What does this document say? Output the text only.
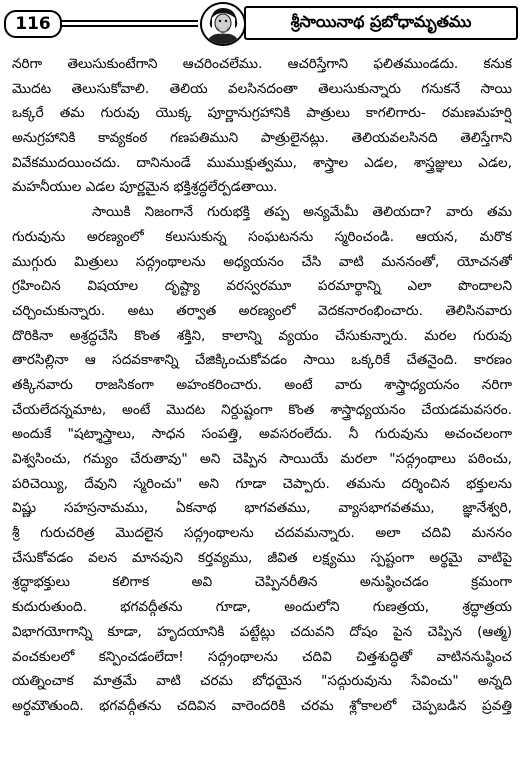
116	శ్రీసాయినాథ ప్రబోధామృతము
నరిగా తెలుసుకుంటేగాని ఆచరించలేము. ఆచరిస్తేగాని ఫలితముండదు. కనుక
మొదట తెలుసుకోవాలి. తెలియ వలసినదంతా తెలుసుకున్నారు గనుకనే సాయి
ఒక్కరే తమ గురువు యొక్క పూర్ణానుగ్రహానికి పాత్రులు కాగలిగారు- రమణమహర్షి
అనుగ్రహానికి కావ్యకంఠ గణపతిముని పాత్రులైనట్లు. తెలియవలసినది తెలిస్తేగాని
వివేకముదయించదు. దానినుండే ముముక్షుత్వము, శాస్త్రాల ఎడల, శాస్త్రజ్ఞులు ఎడల,
మహనీయుల ఎడల పూర్ణమైన భక్తిశ్రద్ధలేర్పడతాయి.
సాయికి నిజంగానే గురుభక్తి తప్ప అన్యమేమీ తెలియదా? వారు తమ
గురువును అరణ్యంలో కలుసుకున్న సంఘటనను స్మరించండి. ఆయన, మరొక
ముగ్గురు మిత్రులు సద్గ్రంథాలను అధ్యయనం చేసి వాటి మననంతో, యోచనతో
గ్రహించిన విషయాల దృష్ట్యా వరస్వరమూ పరమార్థాన్ని ఎలా పొందాలని
చర్చించుకున్నారు. అటు తర్వాత అరణ్యంలో వెదకనారంభించారు. తెలిసినవారు
దొరికినా అశ్రద్ధచేసి కొంత శక్తిని, కాలాన్ని వ్యయం చేసుకున్నారు. మరల గురువు
తారసిల్లినా ఆ సదవకాశాన్ని చేజిక్కించుకోవడం సాయి ఒక్కరికే చేతనైంది. కారణం
తక్కినవారు రాజసికంగా అహంకరించారు. అంటే వారు శాస్త్రాధ్యయనం నరిగా
చేయలేదన్నమాట, అంటే మొదట నిర్దుష్టంగా కొంత శాస్త్రాధ్యయనం చేయడమవసరం.
అందుకే "షట్శాస్త్రాలు, సాధన సంపత్తి, అవసరంలేదు. నీ గురువును అచంచలంగా
విశ్వసించు, గమ్యం చేరుతావు" అని చెప్పిన సాయియే మరలా "సద్గ్రంథాలు పఠించు,
పరిచెయ్యి, దేవుని స్మరించు" అని గూడా చెప్పారు. తమను దర్శించిన భక్తులను
విష్ణు సహస్రనామము, ఏకనాథ భాగవతము, వ్యాసభాగవతము, జ్ఞానేశ్వరి,
శ్రీ గురుచరిత్ర మొదలైన సద్గ్రంథాలను చదవమన్నారు. అలా చదివి మననం
చేసుకోవడం వలన మానవుని కర్తవ్యము, జీవిత లక్ష్యము స్పష్టంగా అర్థమై వాటిపై
శ్రద్ధాభక్తులు కలిగాక అవి చెప్పినరీతిన అనుష్ఠించడం క్రమంగా
కుదురుతుంది. భగవద్గీతను గూడా, అందులోని గుణత్రయ, శ్రద్ధాత్రయ
విభాగయోగాన్ని కూడా, హృదయానికి పట్టేట్లు చదువని దోషం పైన చెప్పిన (ఆత్మ)
వంచకులలో కన్పించడంలేదా! సద్గ్రంథాలను చదివి చిత్తశుద్ధితో వాటిననుష్ఠించ
యత్నించాక మాత్రమే వాటి చరమ బోధయైన "సద్గురువును సేవించు" అన్నది
అర్థమౌతుంది. భగవద్గీతను చదివిన వారెందరికి చరమ శ్లోకాలలో చెప్పబడిన ప్రవత్తి
